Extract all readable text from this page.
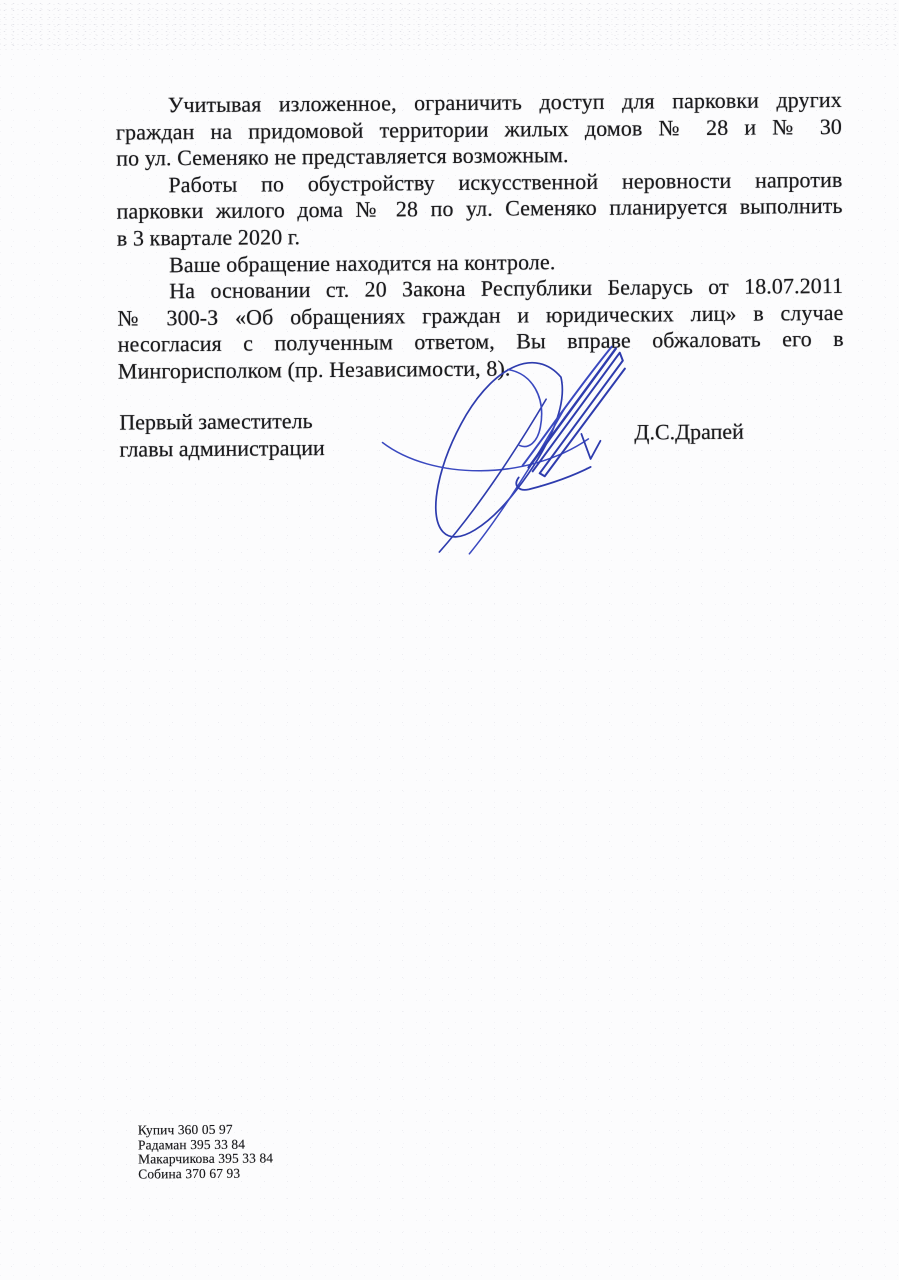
Учитывая изложенное, ограничить доступ для парковки других
граждан на придомовой территории жилых домов № 28 и № 30
по ул. Семеняко не представляется возможным.
Работы по обустройству искусственной неровности напротив
парковки жилого дома № 28 по ул. Семеняко планируется выполнить
в 3 квартале 2020 г.
Ваше обращение находится на контроле.
На основании ст. 20 Закона Республики Беларусь от 18.07.2011
№ 300-З «Об обращениях граждан и юридических лиц» в случае
несогласия с полученным ответом, Вы вправе обжаловать его в
Мингорисполком (пр. Независимости, 8).
Первый заместитель
главы администрации
Д.С.Драпей
Купич 360 05 97
Радаман 395 33 84
Макарчикова 395 33 84
Собина 370 67 93
